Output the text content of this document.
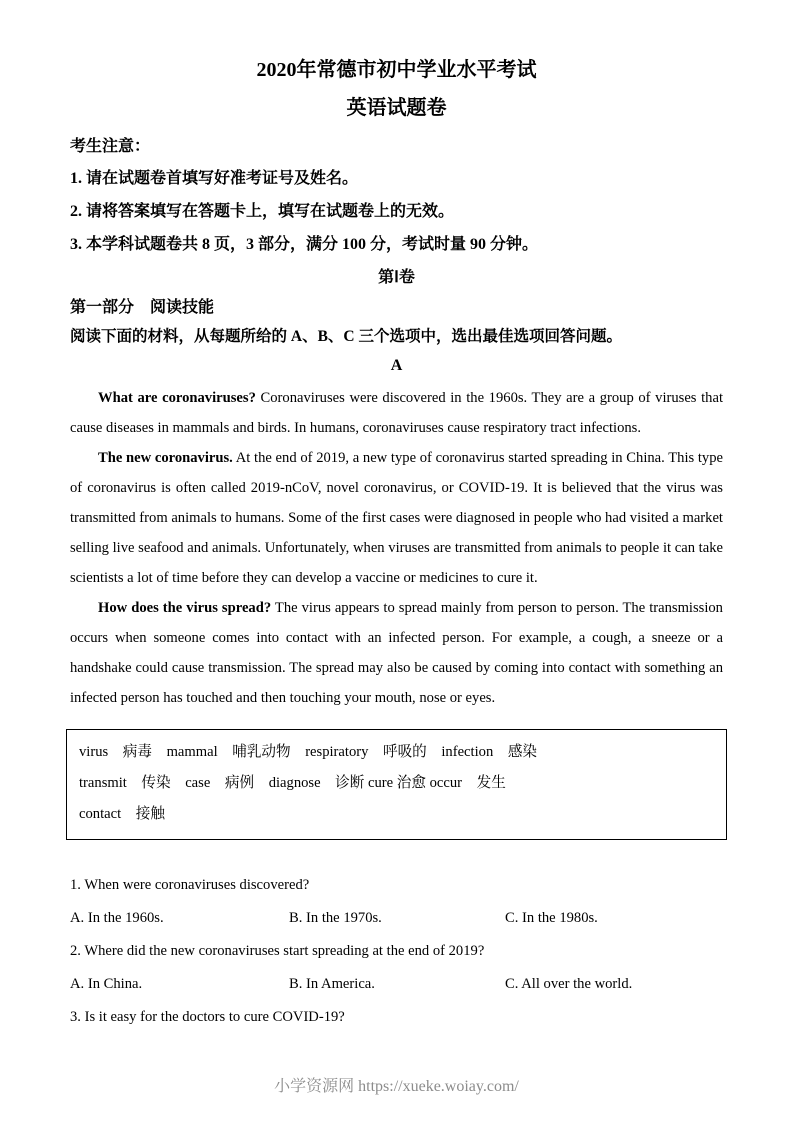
2020年常德市初中学业水平考试
英语试题卷
考生注意：
1. 请在试题卷首填写好准考证号及姓名。
2. 请将答案填写在答题卡上，填写在试题卷上的无效。
3. 本学科试题卷共 8 页，3 部分，满分 100 分，考试时量 90 分钟。
第Ⅰ卷
第一部分　阅读技能
阅读下面的材料，从每题所给的 A、B、C 三个选项中，选出最佳选项回答问题。
A

What are coronaviruses? Coronaviruses were discovered in the 1960s. They are a group of viruses that cause diseases in mammals and birds. In humans, coronaviruses cause respiratory tract infections.

The new coronavirus. At the end of 2019, a new type of coronavirus started spreading in China. This type of coronavirus is often called 2019-nCoV, novel coronavirus, or COVID-19. It is believed that the virus was transmitted from animals to humans. Some of the first cases were diagnosed in people who had visited a market selling live seafood and animals. Unfortunately, when viruses are transmitted from animals to people it can take scientists a lot of time before they can develop a vaccine or medicines to cure it.

How does the virus spread? The virus appears to spread mainly from person to person. The transmission occurs when someone comes into contact with an infected person. For example, a cough, a sneeze or a handshake could cause transmission. The spread may also be caused by coming into contact with something an infected person has touched and then touching your mouth, nose or eyes.

virus　病毒　mammal　哺乳动物　respiratory　呼吸的　infection　感染
transmit　传染　case　病例　diagnose　诊断 cure 治愈 occur　发生
contact　接触

1. When were coronaviruses discovered?

A. In the 1960s.	B. In the 1970s.	C. In the 1980s.

2. Where did the new coronaviruses start spreading at the end of 2019?

A. In China.	B. In America.	C. All over the world.

3. Is it easy for the doctors to cure COVID-19?

小学资源网 https://xueke.woiay.com/
